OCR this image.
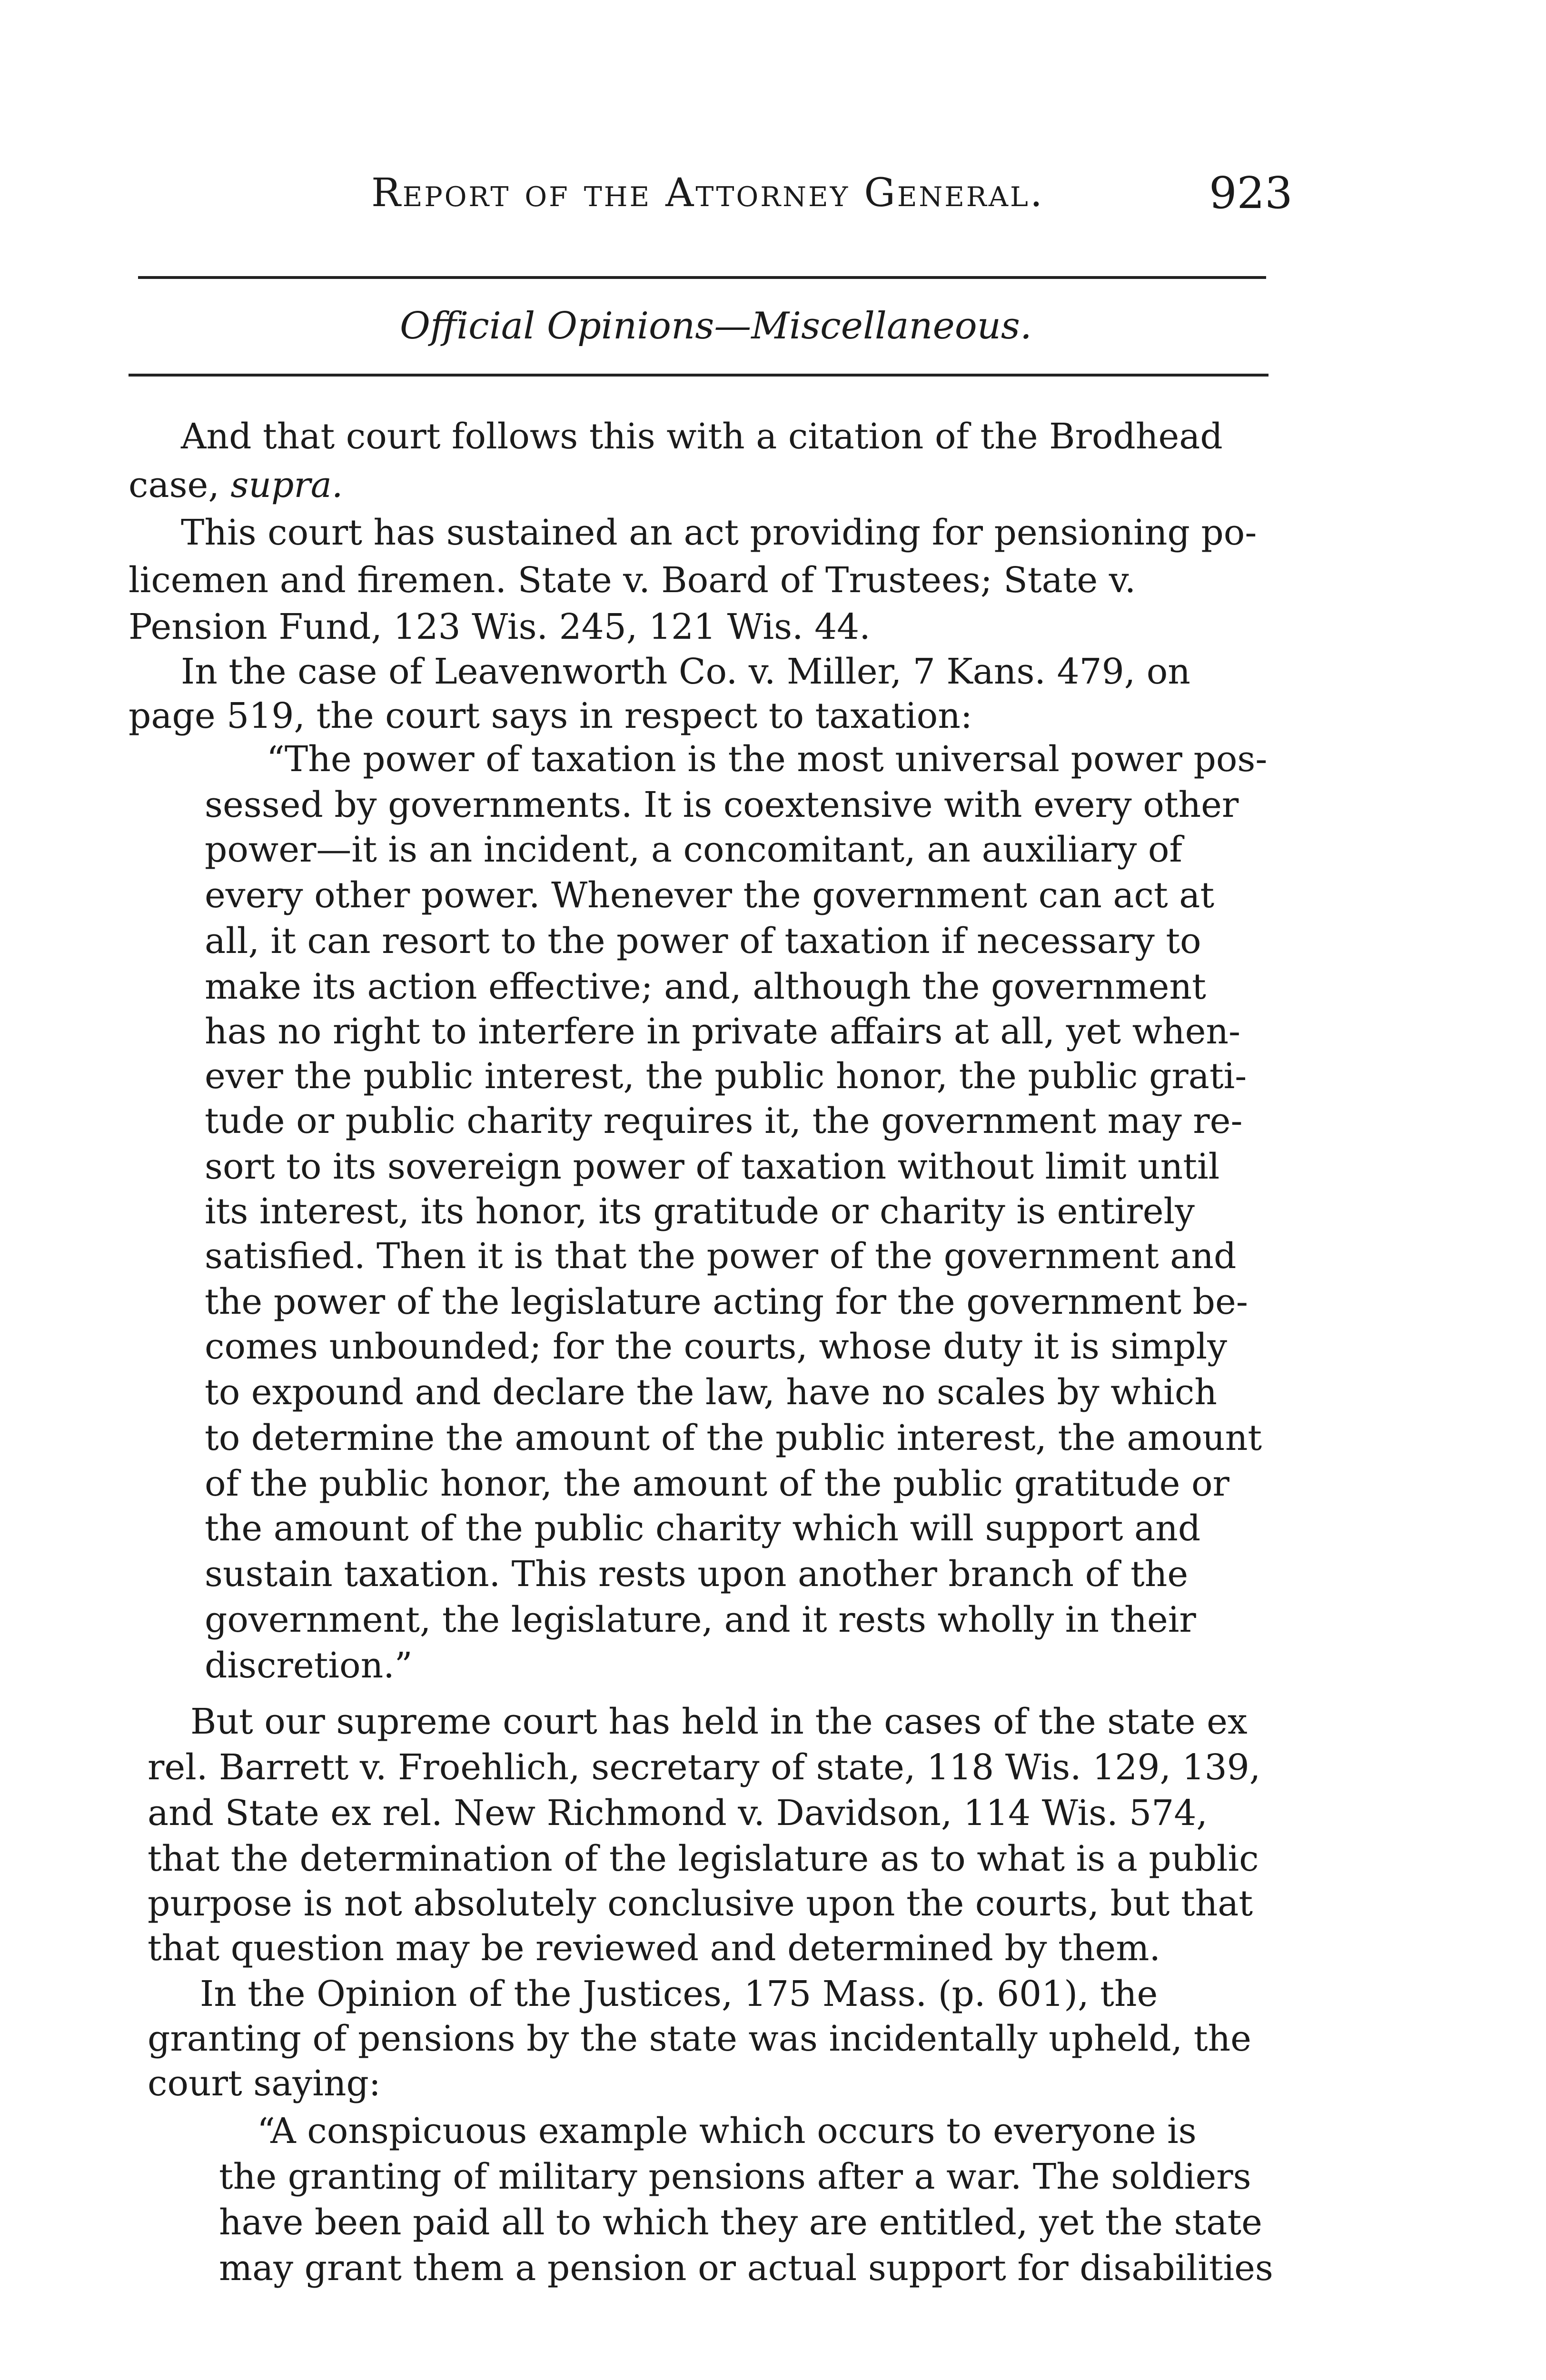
Report of the Attorney General.	923
Official Opinions—Miscellaneous.
And that court follows this with a citation of the Brodhead
case, supra.
This court has sustained an act providing for pensioning po-
licemen and firemen. State v. Board of Trustees; State v.
Pension Fund, 123 Wis. 245, 121 Wis. 44.
In the case of Leavenworth Co. v. Miller, 7 Kans. 479, on
page 519, the court says in respect to taxation:
“The power of taxation is the most universal power pos-
sessed by governments. It is coextensive with every other
power—it is an incident, a concomitant, an auxiliary of
every other power. Whenever the government can act at
all, it can resort to the power of taxation if necessary to
make its action effective; and, although the government
has no right to interfere in private affairs at all, yet when-
ever the public interest, the public honor, the public grati-
tude or public charity requires it, the government may re-
sort to its sovereign power of taxation without limit until
its interest, its honor, its gratitude or charity is entirely
satisfied. Then it is that the power of the government and
the power of the legislature acting for the government be-
comes unbounded; for the courts, whose duty it is simply
to expound and declare the law, have no scales by which
to determine the amount of the public interest, the amount
of the public honor, the amount of the public gratitude or
the amount of the public charity which will support and
sustain taxation. This rests upon another branch of the
government, the legislature, and it rests wholly in their
discretion.”
But our supreme court has held in the cases of the state ex
rel. Barrett v. Froehlich, secretary of state, 118 Wis. 129, 139,
and State ex rel. New Richmond v. Davidson, 114 Wis. 574,
that the determination of the legislature as to what is a public
purpose is not absolutely conclusive upon the courts, but that
that question may be reviewed and determined by them.
In the Opinion of the Justices, 175 Mass. (p. 601), the
granting of pensions by the state was incidentally upheld, the
court saying:
“A conspicuous example which occurs to everyone is
the granting of military pensions after a war. The soldiers
have been paid all to which they are entitled, yet the state
may grant them a pension or actual support for disabilities
